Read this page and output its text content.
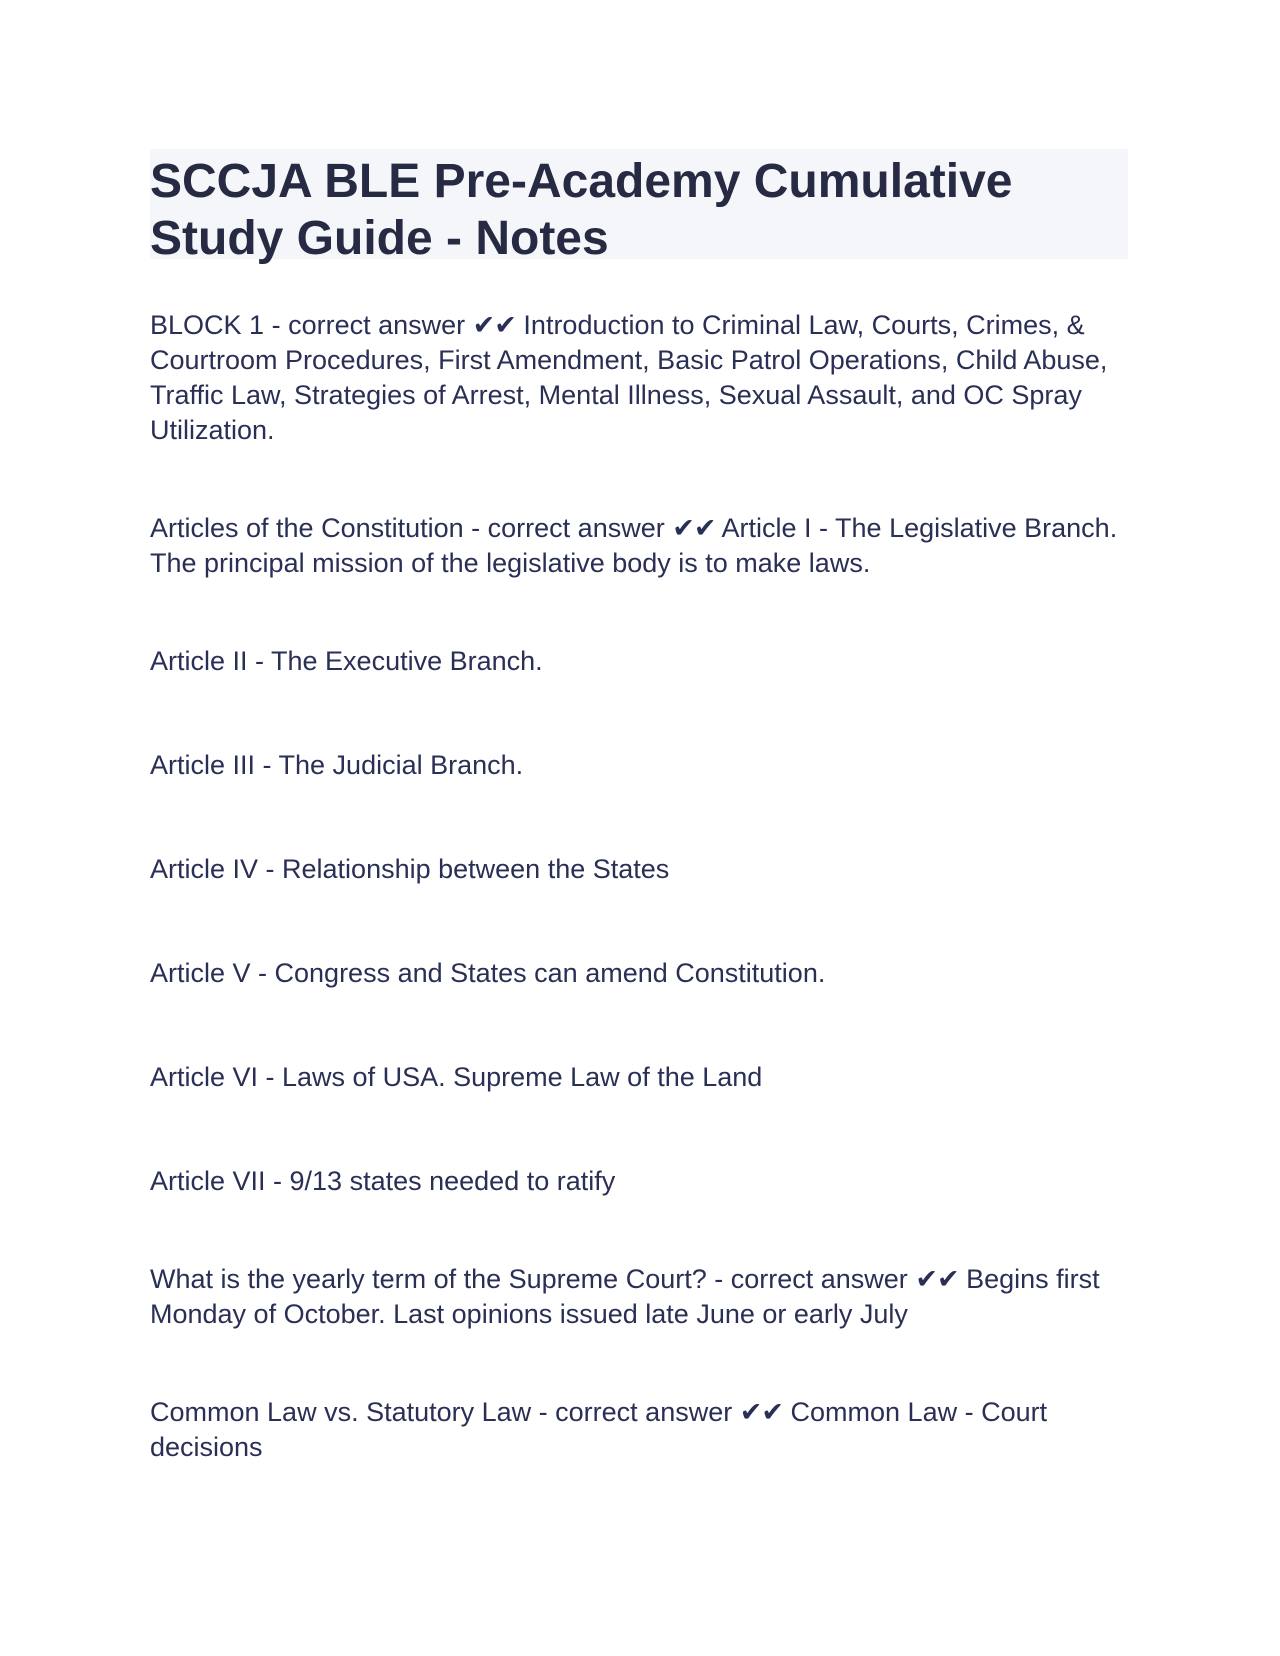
SCCJA BLE Pre-Academy Cumulative Study Guide - Notes

BLOCK 1 - correct answer ✔✔ Introduction to Criminal Law, Courts, Crimes, & Courtroom Procedures, First Amendment, Basic Patrol Operations, Child Abuse, Traffic Law, Strategies of Arrest, Mental Illness, Sexual Assault, and OC Spray Utilization.

Articles of the Constitution - correct answer ✔✔ Article I - The Legislative Branch. The principal mission of the legislative body is to make laws.

Article II - The Executive Branch.

Article III - The Judicial Branch.

Article IV - Relationship between the States

Article V - Congress and States can amend Constitution.

Article VI - Laws of USA. Supreme Law of the Land

Article VII - 9/13 states needed to ratify

What is the yearly term of the Supreme Court? - correct answer ✔✔ Begins first Monday of October. Last opinions issued late June or early July

Common Law vs. Statutory Law - correct answer ✔✔ Common Law - Court decisions
